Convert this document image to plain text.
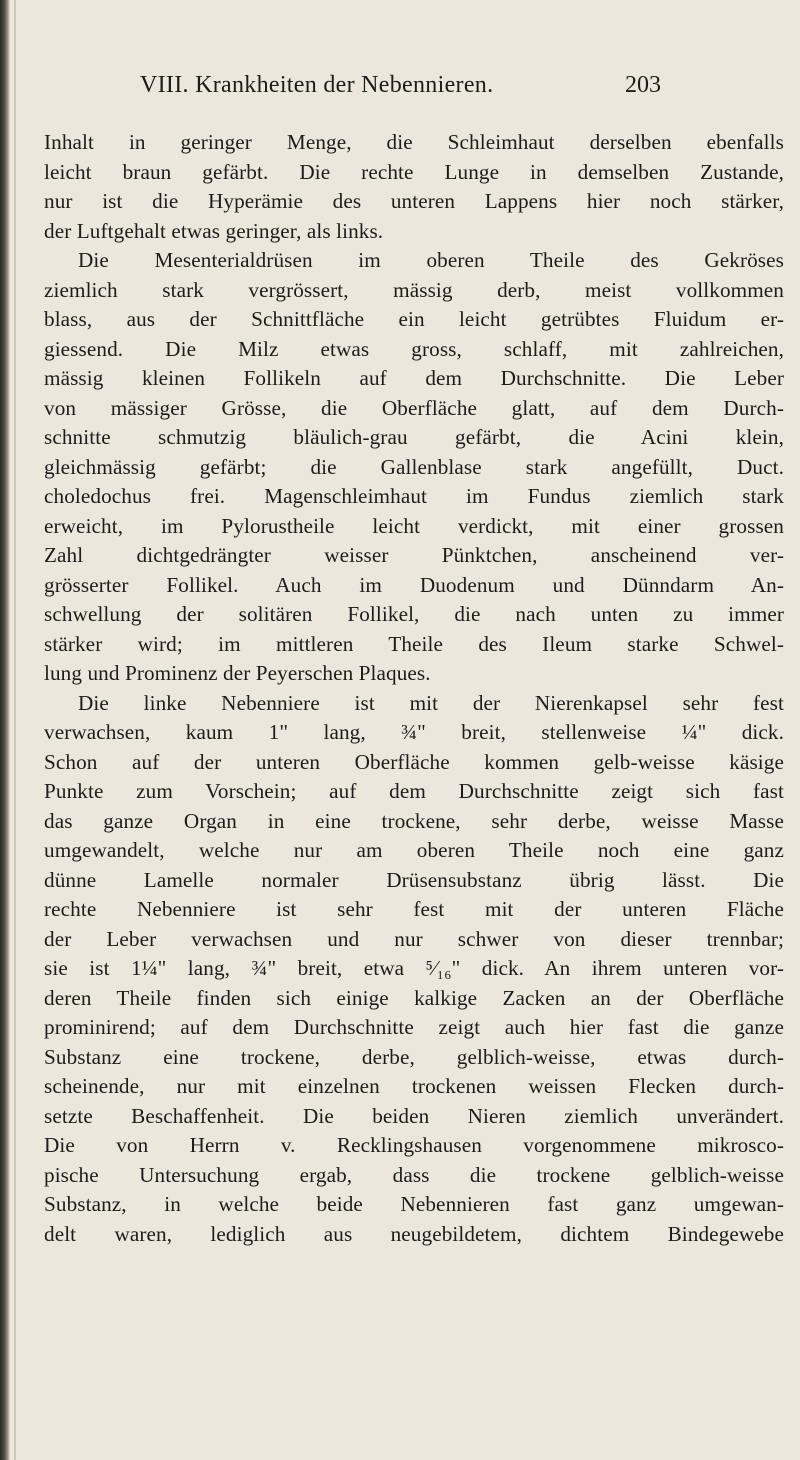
VIII. Krankheiten der Nebennieren.	203
Inhalt in geringer Menge, die Schleimhaut derselben ebenfalls
leicht braun gefärbt. Die rechte Lunge in demselben Zustande,
nur ist die Hyperämie des unteren Lappens hier noch stärker,
der Luftgehalt etwas geringer, als links.
Die Mesenterialdrüsen im oberen Theile des Gekröses
ziemlich stark vergrössert, mässig derb, meist vollkommen
blass, aus der Schnittfläche ein leicht getrübtes Fluidum er-
giessend. Die Milz etwas gross, schlaff, mit zahlreichen,
mässig kleinen Follikeln auf dem Durchschnitte. Die Leber
von mässiger Grösse, die Oberfläche glatt, auf dem Durch-
schnitte schmutzig bläulich-grau gefärbt, die Acini klein,
gleichmässig gefärbt; die Gallenblase stark angefüllt, Duct.
choledochus frei. Magenschleimhaut im Fundus ziemlich stark
erweicht, im Pylorustheile leicht verdickt, mit einer grossen
Zahl dichtgedrängter weisser Pünktchen, anscheinend ver-
grösserter Follikel. Auch im Duodenum und Dünndarm An-
schwellung der solitären Follikel, die nach unten zu immer
stärker wird; im mittleren Theile des Ileum starke Schwel-
lung und Prominenz der Peyerschen Plaques.
Die linke Nebenniere ist mit der Nierenkapsel sehr fest
verwachsen, kaum 1" lang, ¾" breit, stellenweise ¼" dick.
Schon auf der unteren Oberfläche kommen gelb-weisse käsige
Punkte zum Vorschein; auf dem Durchschnitte zeigt sich fast
das ganze Organ in eine trockene, sehr derbe, weisse Masse
umgewandelt, welche nur am oberen Theile noch eine ganz
dünne Lamelle normaler Drüsensubstanz übrig lässt. Die
rechte Nebenniere ist sehr fest mit der unteren Fläche
der Leber verwachsen und nur schwer von dieser trennbar;
sie ist 1¼" lang, ¾" breit, etwa ⁵⁄₁₆" dick. An ihrem unteren vor-
deren Theile finden sich einige kalkige Zacken an der Oberfläche
prominirend; auf dem Durchschnitte zeigt auch hier fast die ganze
Substanz eine trockene, derbe, gelblich-weisse, etwas durch-
scheinende, nur mit einzelnen trockenen weissen Flecken durch-
setzte Beschaffenheit. Die beiden Nieren ziemlich unverändert.
Die von Herrn v. Recklingshausen vorgenommene mikrosco-
pische Untersuchung ergab, dass die trockene gelblich-weisse
Substanz, in welche beide Nebennieren fast ganz umgewan-
delt waren, lediglich aus neugebildetem, dichtem Bindegewebe
